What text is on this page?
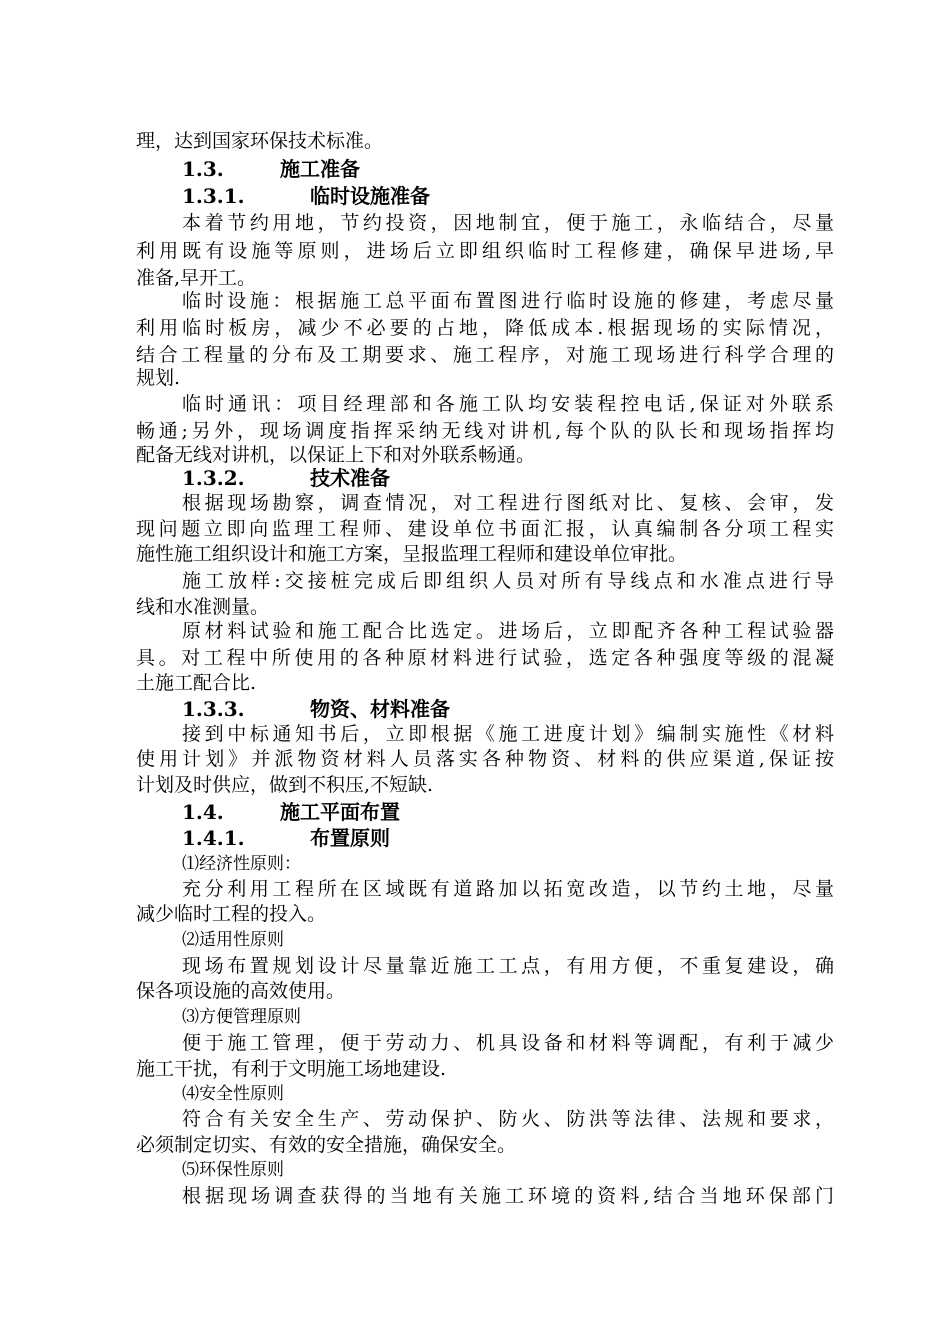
理，达到国家环保技术标准。
1.3.	施工准备
1.3.1.	临时设施准备
本着节约用地，节约投资，因地制宜，便于施工，永临结合，尽量
利用既有设施等原则，进场后立即组织临时工程修建，确保早进场,早
准备,早开工。
临时设施：根据施工总平面布置图进行临时设施的修建，考虑尽量
利用临时板房，减少不必要的占地，降低成本.根据现场的实际情况，
结合工程量的分布及工期要求、施工程序，对施工现场进行科学合理的
规划.
临时通讯：项目经理部和各施工队均安装程控电话,保证对外联系
畅通;另外，现场调度指挥采纳无线对讲机,每个队的队长和现场指挥均
配备无线对讲机，以保证上下和对外联系畅通。
1.3.2.	技术准备
根据现场勘察，调查情况，对工程进行图纸对比、复核、会审，发
现问题立即向监理工程师、建设单位书面汇报，认真编制各分项工程实
施性施工组织设计和施工方案，呈报监理工程师和建设单位审批。
施工放样:交接桩完成后即组织人员对所有导线点和水准点进行导
线和水准测量。
原材料试验和施工配合比选定。进场后，立即配齐各种工程试验器
具。对工程中所使用的各种原材料进行试验，选定各种强度等级的混凝
土施工配合比.
1.3.3.	物资、材料准备
接到中标通知书后，立即根据《施工进度计划》编制实施性《材料
使用计划》并派物资材料人员落实各种物资、材料的供应渠道,保证按
计划及时供应，做到不积压,不短缺.
1.4.	施工平面布置
1.4.1.	布置原则
⑴经济性原则：
充分利用工程所在区域既有道路加以拓宽改造，以节约土地，尽量
减少临时工程的投入。
⑵适用性原则
现场布置规划设计尽量靠近施工工点，有用方便，不重复建设，确
保各项设施的高效使用。
⑶方便管理原则
便于施工管理，便于劳动力、机具设备和材料等调配，有利于减少
施工干扰，有利于文明施工场地建设.
⑷安全性原则
符合有关安全生产、劳动保护、防火、防洪等法律、法规和要求，
必须制定切实、有效的安全措施，确保安全。
⑸环保性原则
根据现场调查获得的当地有关施工环境的资料,结合当地环保部门
